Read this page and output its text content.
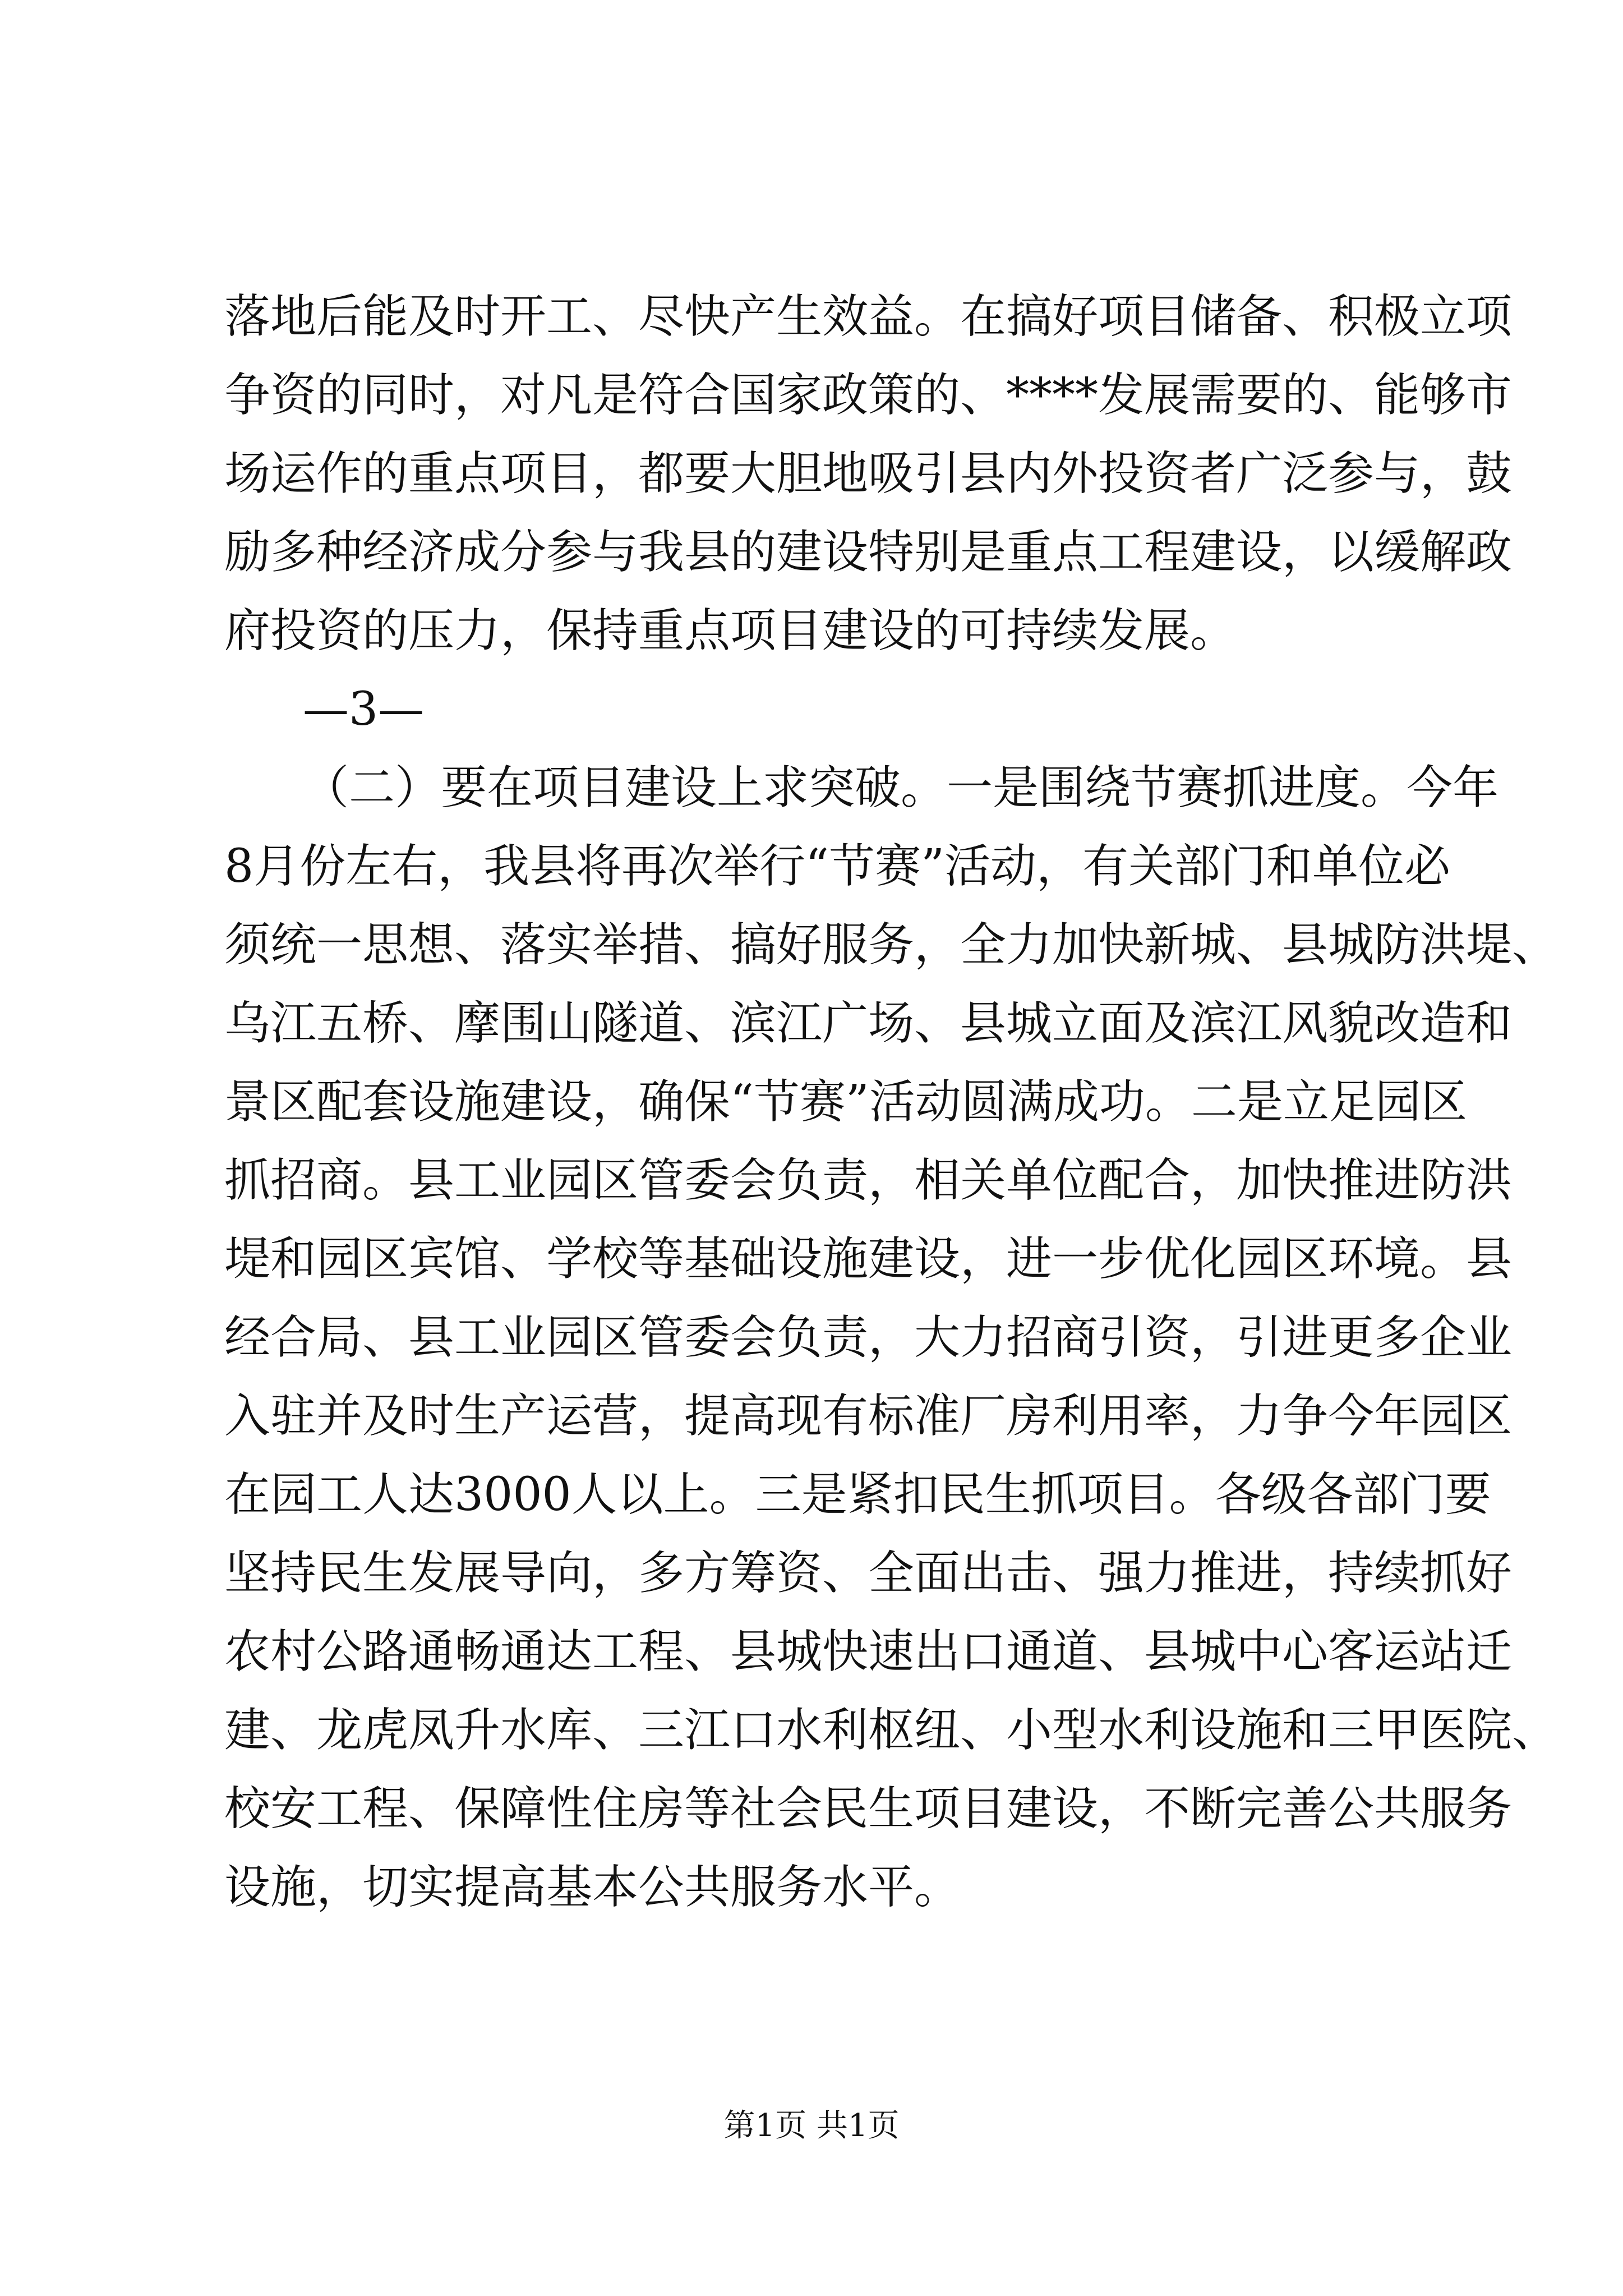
落地后能及时开工、尽快产生效益。在搞好项目储备、积极立项
争资的同时，对凡是符合国家政策的、****发展需要的、能够市
场运作的重点项目，都要大胆地吸引县内外投资者广泛参与，鼓
励多种经济成分参与我县的建设特别是重点工程建设，以缓解政
府投资的压力，保持重点项目建设的可持续发展。
—3—
（二）要在项目建设上求突破。一是围绕节赛抓进度。今年
8月份左右，我县将再次举行“节赛”活动，有关部门和单位必
须统一思想、落实举措、搞好服务，全力加快新城、县城防洪堤、
乌江五桥、摩围山隧道、滨江广场、县城立面及滨江风貌改造和
景区配套设施建设，确保“节赛”活动圆满成功。二是立足园区
抓招商。县工业园区管委会负责，相关单位配合，加快推进防洪
堤和园区宾馆、学校等基础设施建设，进一步优化园区环境。县
经合局、县工业园区管委会负责，大力招商引资，引进更多企业
入驻并及时生产运营，提高现有标准厂房利用率，力争今年园区
在园工人达3000人以上。三是紧扣民生抓项目。各级各部门要
坚持民生发展导向，多方筹资、全面出击、强力推进，持续抓好
农村公路通畅通达工程、县城快速出口通道、县城中心客运站迁
建、龙虎凤升水库、三江口水利枢纽、小型水利设施和三甲医院、
校安工程、保障性住房等社会民生项目建设，不断完善公共服务
设施，切实提高基本公共服务水平。
第1页 共1页
